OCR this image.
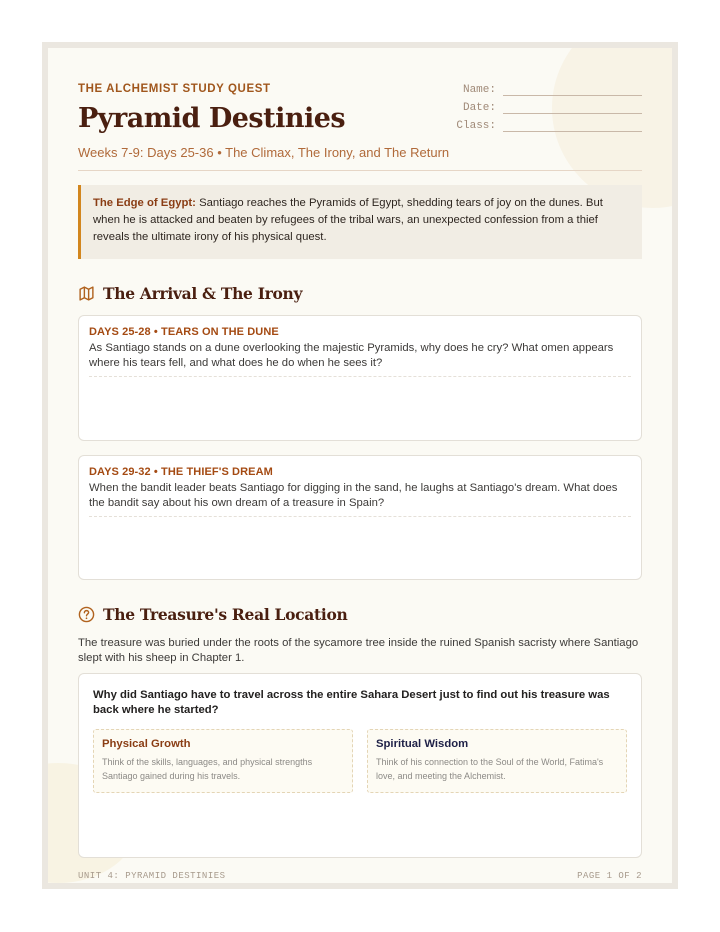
THE ALCHEMIST STUDY QUEST
Pyramid Destinies
Weeks 7-9: Days 25-36 • The Climax, The Irony, and The Return
Name:
Date:
Class:
The Edge of Egypt: Santiago reaches the Pyramids of Egypt, shedding tears of joy on the dunes. But when he is attacked and beaten by refugees of the tribal wars, an unexpected confession from a thief reveals the ultimate irony of his physical quest.
The Arrival & The Irony
DAYS 25-28 • TEARS ON THE DUNE
As Santiago stands on a dune overlooking the majestic Pyramids, why does he cry? What omen appears where his tears fell, and what does he do when he sees it?
DAYS 29-32 • THE THIEF'S DREAM
When the bandit leader beats Santiago for digging in the sand, he laughs at Santiago's dream. What does the bandit say about his own dream of a treasure in Spain?
The Treasure's Real Location
The treasure was buried under the roots of the sycamore tree inside the ruined Spanish sacristy where Santiago slept with his sheep in Chapter 1.
Why did Santiago have to travel across the entire Sahara Desert just to find out his treasure was back where he started?
Physical Growth
Think of the skills, languages, and physical strengths Santiago gained during his travels.
Spiritual Wisdom
Think of his connection to the Soul of the World, Fatima's love, and meeting the Alchemist.
UNIT 4: PYRAMID DESTINIES	PAGE 1 OF 2
